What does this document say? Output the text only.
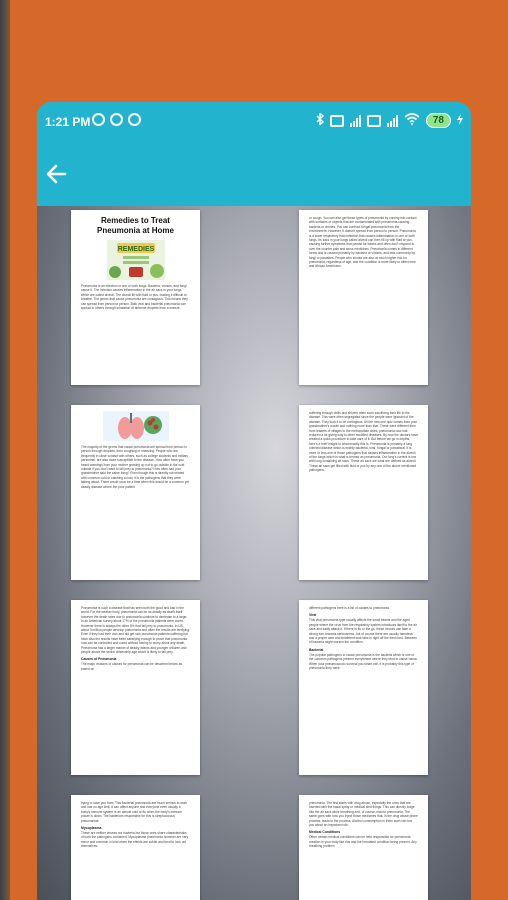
1:21 PM	78
Remedies to Treat Pneumonia at Home
REMEDIES
Pneumonia is an infection in one or both lungs. Bacteria, viruses, and fungi cause it. The infection causes inflammation in the air sacs in your lungs, which are called alveoli. The alveoli fill with fluid or pus, making it difficult to breathe. The germs that cause pneumonia are contagious. This means they can spread from person to person. Both viral and bacterial pneumonia can spread to others through inhalation of airborne droplets from a sneeze
or cough. You can also get these types of pneumonia by coming into contact with surfaces or objects that are contaminated with pneumonia-causing bacteria or viruses. You can contract fungal pneumonia from the environment. However, it doesn't spread from person to person. Pneumonia is a lower respiratory tract infection that causes inflammation in one or both lungs. Its sacs in your lungs called alveoli can then fill up with fluid or pus, causing further symptoms that persist for weeks and often don't respond to over the counter pain and sinus medicines. Pneumonia comes in different forms and is caused primarily by bacteria or viruses, and less commonly by fungi or parasites. People who smoke are also at much higher risk for pneumonia, regardless of age, and the condition is more likely to affect men and African Americans.
The majority of the germs that cause pneumonia are spread from person to person through droplets, from coughing or sneezing. People who are frequently in close contact with others, such as college students and military personnel, are also more susceptible to the disease. How often have you heard warnings from your mother growing up not to go outside in the cold outside if you don't want to fall prey to pneumonia? How often had your grandmother said the same thing? Even though this is directly not related with common cold or catching a cold, it is the pathogens that they were talking about. There would soon be a time when this would be a common yet deadly disease where the poor patient
suffering through chills and shivers often soon sacrificing their life to the disease. This were often segregated since the people were ignorant of the disease. They took it to be contagious. All the new one quiz comes from your grandmother's mouth and nothing more than that. These were different then from leaders of villages to the metropolitan cities, pneumonia now has reduced a lot giving way to other modified diseases. By now the doctors have created a quick procedure to take care of it. But before we go in depths, here's a brief insight to what exactly this is. Pneumonia is primarily a lung oriented disease which is mainly bacterial, viral, fungal or parasitical. It is more or less one of those pathogens that causes inflammation in the alveoli of the lungs which is what is termed as pneumonia. Our lung's current is low with lung containing air sacs. These air sacs are what are defined as alveoli. These air sacs get filled with fluid or pus by any one of the above mentioned pathogens.
Pneumonia is such a disease that has seen both the good and bad in the world. For the weaker body, pneumonia can be as deadly as death itself however the death rates due to pneumonia continue to decrease to a large. In an American survey about 17% of the pneumonia patients were cured. However there is always the other 5% that fall prey to pneumonia. In US, about 3 million people develop pneumonia and often the results are terrifying. Even if they had their own and did get sick pneumonia patients suffering but have also the results have been satisfying enough to prove that pneumonia now can be controlled and cured without having to worry about any death. Pneumonia has a larger market of deadly infants and younger children and people above the senior citizenship age which is likely to fall prey.
Causes of Pneumonia
The major reasons of causes for pneumonia can be described below as based on
different pathogens here is a list of causes to pneumonia.
Viral
This viral pneumonia type usually affects the small infants and the aged people where the virus from the respiratory system introduces itself to the air sacs and sadly attack it. If there is flu or the go, these viruses can take a strong turn towards seriousness, but of course there are usually harmless and a proper care and treatment took take in right off the fresh bed. Between of bacteria might worsen the condition.
Bacterial
The popular pathogens to cause pneumonia is the bacteria which is one of the common pathogens present everywhere where they tend to cause havoc. When your pneumococcic survival you smart cell, it is probably this type of pneumonia they were.
trying to save you from. This bacterial pneumonia are much serious to work and has no age limit. It can affect anyone and everyone even usually a body's immune system is an almost cold or flu when the body's immune power is down. The bacterium responsible for this is streptococcus pneumoniae.
Mycoplasma
These are neither viruses nor bacteria but those ones share characteristics of both the pathogens combined. Mycoplasma pneumonia however are very minor and common in kind when the effects are subtle and tend to look out themselves.
pneumonia. The first starts with drug abuse, especially the ones that are inserted with the nasal spray or medical sled things. This can directly lodge into the air sacs while breathing and, of course, lead to pneumonia. The same goes with how you inject those medicines that, in the drug abuse prone process, leads to the process. Alcohol consumption in them such can low you about an important role.
Medical Conditions
Other certain medical conditions can be held responsible for pneumonia creation in your body like this and the herniated condition being present. Any breathing problem
